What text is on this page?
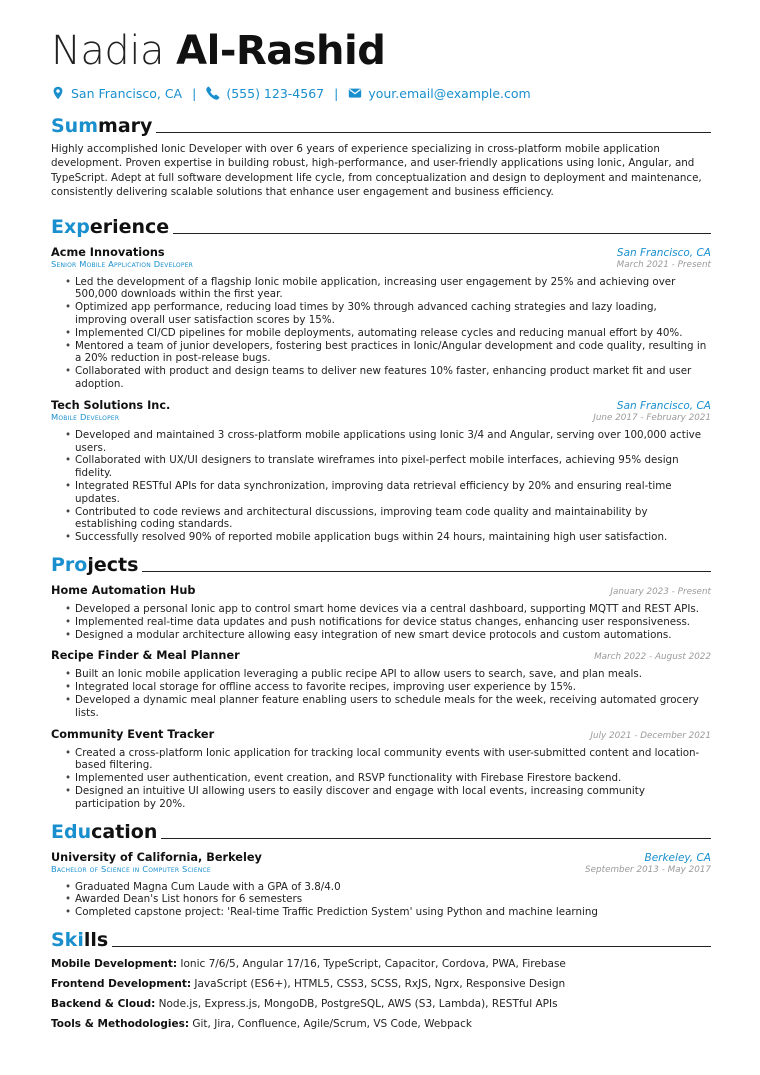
Nadia Al-Rashid
San Francisco, CA | (555) 123-4567 | your.email@example.com
Summary
Highly accomplished Ionic Developer with over 6 years of experience specializing in cross-platform mobile application development. Proven expertise in building robust, high-performance, and user-friendly applications using Ionic, Angular, and TypeScript. Adept at full software development life cycle, from conceptualization and design to deployment and maintenance, consistently delivering scalable solutions that enhance user engagement and business efficiency.
Experience
Acme Innovations	San Francisco, CA
Senior Mobile Application Developer	March 2021 - Present
• Led the development of a flagship Ionic mobile application, increasing user engagement by 25% and achieving over 500,000 downloads within the first year.
• Optimized app performance, reducing load times by 30% through advanced caching strategies and lazy loading, improving overall user satisfaction scores by 15%.
• Implemented CI/CD pipelines for mobile deployments, automating release cycles and reducing manual effort by 40%.
• Mentored a team of junior developers, fostering best practices in Ionic/Angular development and code quality, resulting in a 20% reduction in post-release bugs.
• Collaborated with product and design teams to deliver new features 10% faster, enhancing product market fit and user adoption.
Tech Solutions Inc.	San Francisco, CA
Mobile Developer	June 2017 - February 2021
• Developed and maintained 3 cross-platform mobile applications using Ionic 3/4 and Angular, serving over 100,000 active users.
• Collaborated with UX/UI designers to translate wireframes into pixel-perfect mobile interfaces, achieving 95% design fidelity.
• Integrated RESTful APIs for data synchronization, improving data retrieval efficiency by 20% and ensuring real-time updates.
• Contributed to code reviews and architectural discussions, improving team code quality and maintainability by establishing coding standards.
• Successfully resolved 90% of reported mobile application bugs within 24 hours, maintaining high user satisfaction.
Projects
Home Automation Hub	January 2023 - Present
• Developed a personal Ionic app to control smart home devices via a central dashboard, supporting MQTT and REST APIs.
• Implemented real-time data updates and push notifications for device status changes, enhancing user responsiveness.
• Designed a modular architecture allowing easy integration of new smart device protocols and custom automations.
Recipe Finder & Meal Planner	March 2022 - August 2022
• Built an Ionic mobile application leveraging a public recipe API to allow users to search, save, and plan meals.
• Integrated local storage for offline access to favorite recipes, improving user experience by 15%.
• Developed a dynamic meal planner feature enabling users to schedule meals for the week, receiving automated grocery lists.
Community Event Tracker	July 2021 - December 2021
• Created a cross-platform Ionic application for tracking local community events with user-submitted content and location-based filtering.
• Implemented user authentication, event creation, and RSVP functionality with Firebase Firestore backend.
• Designed an intuitive UI allowing users to easily discover and engage with local events, increasing community participation by 20%.
Education
University of California, Berkeley	Berkeley, CA
Bachelor of Science in Computer Science	September 2013 - May 2017
• Graduated Magna Cum Laude with a GPA of 3.8/4.0
• Awarded Dean's List honors for 6 semesters
• Completed capstone project: 'Real-time Traffic Prediction System' using Python and machine learning
Skills
Mobile Development: Ionic 7/6/5, Angular 17/16, TypeScript, Capacitor, Cordova, PWA, Firebase
Frontend Development: JavaScript (ES6+), HTML5, CSS3, SCSS, RxJS, Ngrx, Responsive Design
Backend & Cloud: Node.js, Express.js, MongoDB, PostgreSQL, AWS (S3, Lambda), RESTful APIs
Tools & Methodologies: Git, Jira, Confluence, Agile/Scrum, VS Code, Webpack
